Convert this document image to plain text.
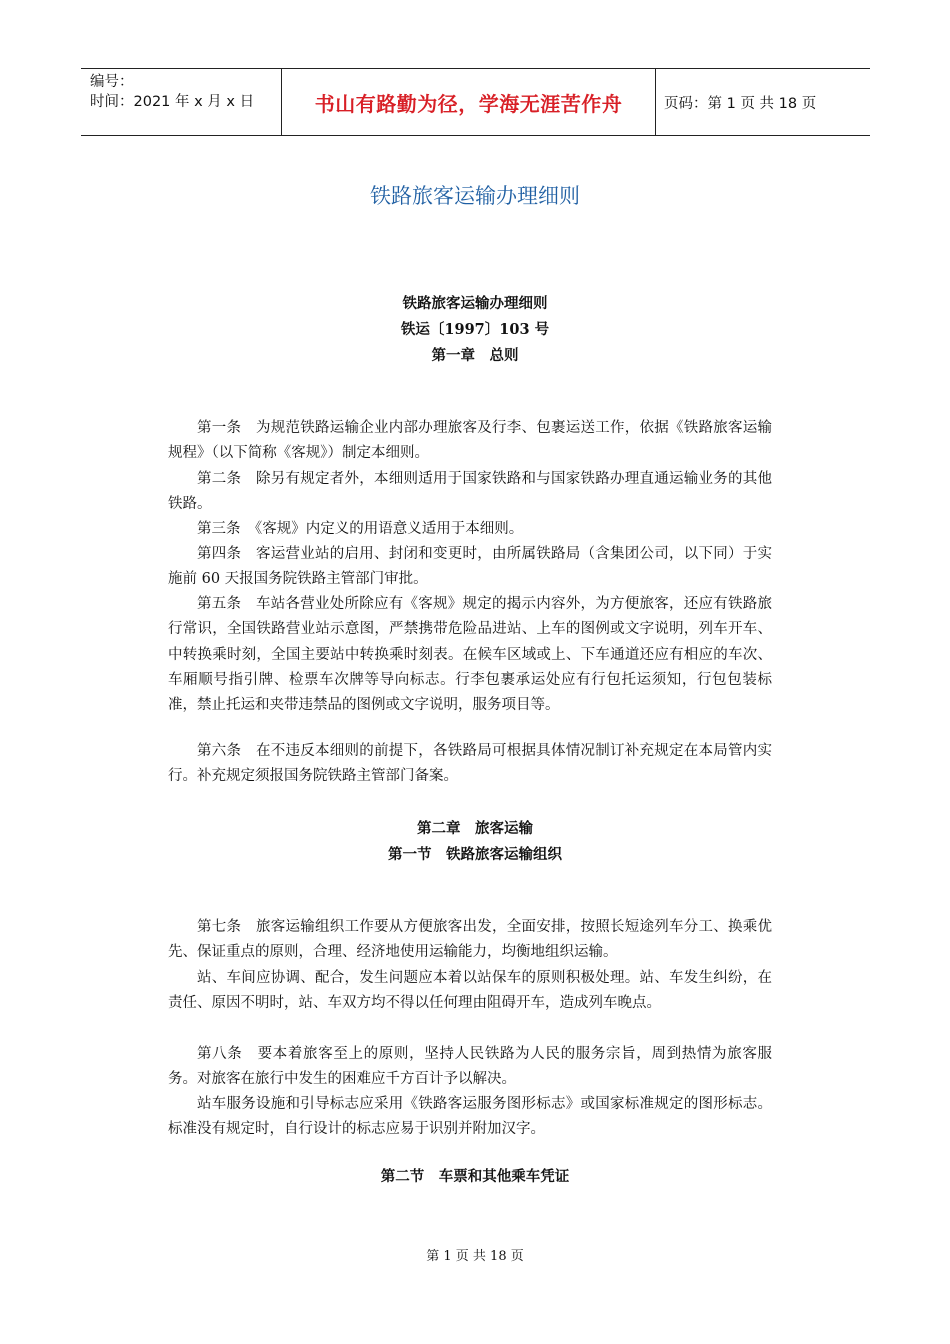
编号：
时间：2021 年 x 月 x 日	书山有路勤为径，学海无涯苦作舟	页码：第 1 页 共 18 页
铁路旅客运输办理细则
铁路旅客运输办理细则
铁运〔1997〕103 号
第一章　总则
第一条　为规范铁路运输企业内部办理旅客及行李、包裹运送工作，依据《铁路旅客运输规程》（以下简称《客规》）制定本细则。
第二条　除另有规定者外，本细则适用于国家铁路和与国家铁路办理直通运输业务的其他铁路。
第三条　《客规》内定义的用语意义适用于本细则。
第四条　客运营业站的启用、封闭和变更时，由所属铁路局（含集团公司，以下同）于实施前 60 天报国务院铁路主管部门审批。
第五条　车站各营业处所除应有《客规》规定的揭示内容外，为方便旅客，还应有铁路旅行常识，全国铁路营业站示意图，严禁携带危险品进站、上车的图例或文字说明，列车开车、中转换乘时刻，全国主要站中转换乘时刻表。在候车区域或上、下车通道还应有相应的车次、车厢顺号指引牌、检票车次牌等导向标志。行李包裹承运处应有行包托运须知，行包包装标准，禁止托运和夹带违禁品的图例或文字说明，服务项目等。
第六条　在不违反本细则的前提下，各铁路局可根据具体情况制订补充规定在本局管内实行。补充规定须报国务院铁路主管部门备案。
第二章　旅客运输
第一节　铁路旅客运输组织
第七条　旅客运输组织工作要从方便旅客出发，全面安排，按照长短途列车分工、换乘优先、保证重点的原则，合理、经济地使用运输能力，均衡地组织运输。
站、车间应协调、配合，发生问题应本着以站保车的原则积极处理。站、车发生纠纷，在责任、原因不明时，站、车双方均不得以任何理由阻碍开车，造成列车晚点。
第八条　要本着旅客至上的原则，坚持人民铁路为人民的服务宗旨，周到热情为旅客服务。对旅客在旅行中发生的困难应千方百计予以解决。
站车服务设施和引导标志应采用《铁路客运服务图形标志》或国家标准规定的图形标志。标准没有规定时，自行设计的标志应易于识别并附加汉字。
第二节　车票和其他乘车凭证
第 1 页 共 18 页
